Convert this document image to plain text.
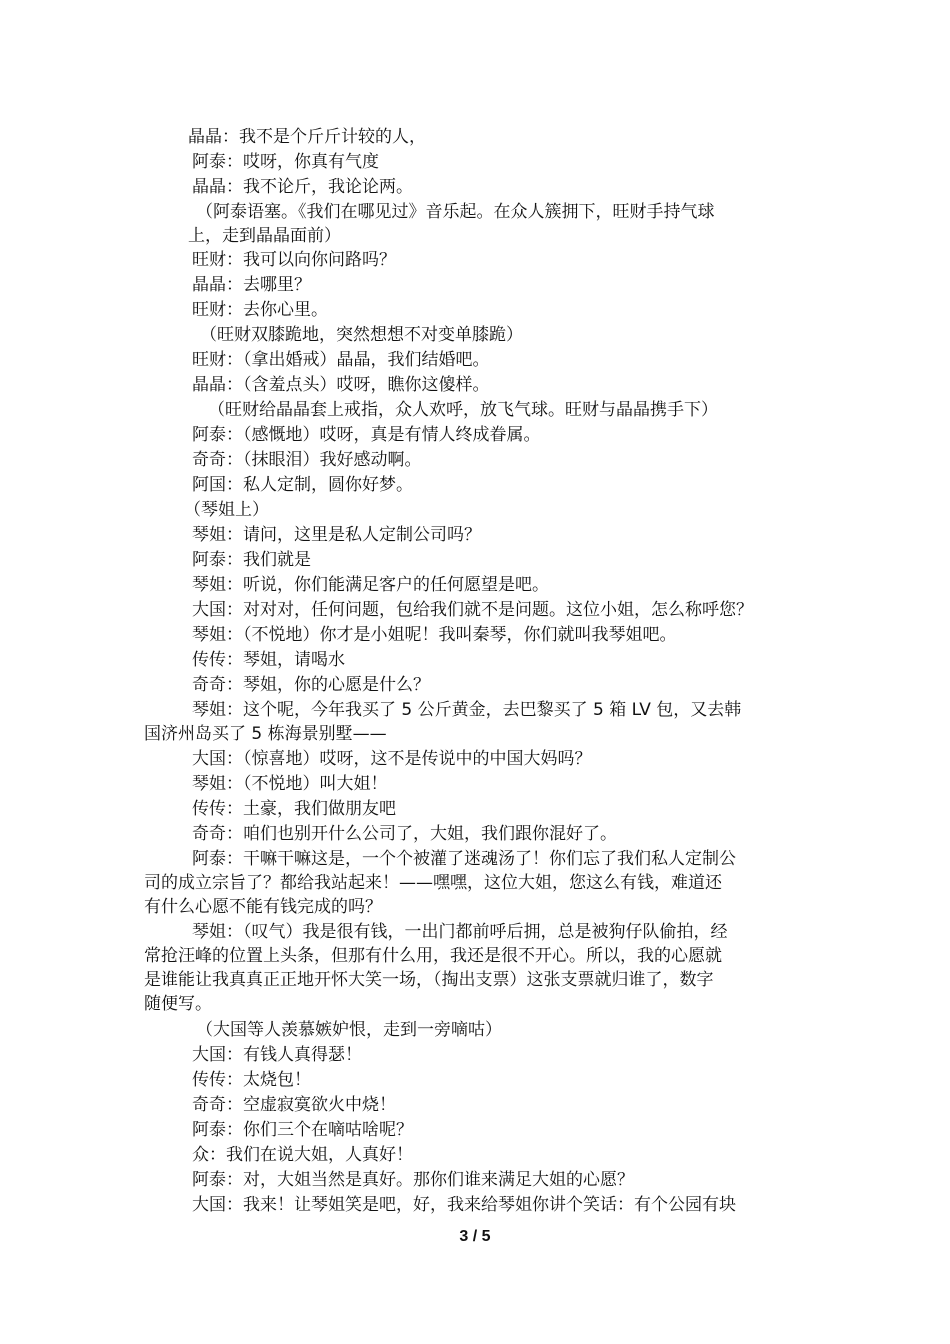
晶晶：我不是个斤斤计较的人，
阿泰：哎呀，你真有气度
晶晶：我不论斤，我论论两。
（阿泰语塞。《我们在哪见过》音乐起。在众人簇拥下，旺财手持气球
上，走到晶晶面前）
旺财：我可以向你问路吗？
晶晶：去哪里？
旺财：去你心里。
（旺财双膝跪地，突然想想不对变单膝跪）
旺财：（拿出婚戒）晶晶，我们结婚吧。
晶晶：（含羞点头）哎呀，瞧你这傻样。
（旺财给晶晶套上戒指，众人欢呼，放飞气球。旺财与晶晶携手下）
阿泰：（感慨地）哎呀，真是有情人终成眷属。
奇奇：（抹眼泪）我好感动啊。
阿国：私人定制，圆你好梦。
（琴姐上）
琴姐：请问，这里是私人定制公司吗？
阿泰：我们就是
琴姐：听说，你们能满足客户的任何愿望是吧。
大国：对对对，任何问题，包给我们就不是问题。这位小姐，怎么称呼您？
琴姐：（不悦地）你才是小姐呢！我叫秦琴，你们就叫我琴姐吧。
传传：琴姐，请喝水
奇奇：琴姐，你的心愿是什么？
琴姐：这个呢，今年我买了 5 公斤黄金，去巴黎买了 5 箱 LV 包，又去韩
国济州岛买了 5 栋海景别墅——
大国：（惊喜地）哎呀，这不是传说中的中国大妈吗？
琴姐：（不悦地）叫大姐！
传传：土豪，我们做朋友吧
奇奇：咱们也别开什么公司了，大姐，我们跟你混好了。
阿泰：干嘛干嘛这是，一个个被灌了迷魂汤了！你们忘了我们私人定制公
司的成立宗旨了？都给我站起来！——嘿嘿，这位大姐，您这么有钱，难道还
有什么心愿不能有钱完成的吗？
琴姐：（叹气）我是很有钱，一出门都前呼后拥，总是被狗仔队偷拍，经
常抢汪峰的位置上头条，但那有什么用，我还是很不开心。所以，我的心愿就
是谁能让我真真正正地开怀大笑一场，（掏出支票）这张支票就归谁了，数字
随便写。
（大国等人羡慕嫉妒恨，走到一旁嘀咕）
大国：有钱人真得瑟！
传传：太烧包！
奇奇：空虚寂寞欲火中烧！
阿泰：你们三个在嘀咕啥呢？
众：我们在说大姐，人真好！
阿泰：对，大姐当然是真好。那你们谁来满足大姐的心愿？
大国：我来！让琴姐笑是吧，好，我来给琴姐你讲个笑话：有个公园有块
3 / 5
